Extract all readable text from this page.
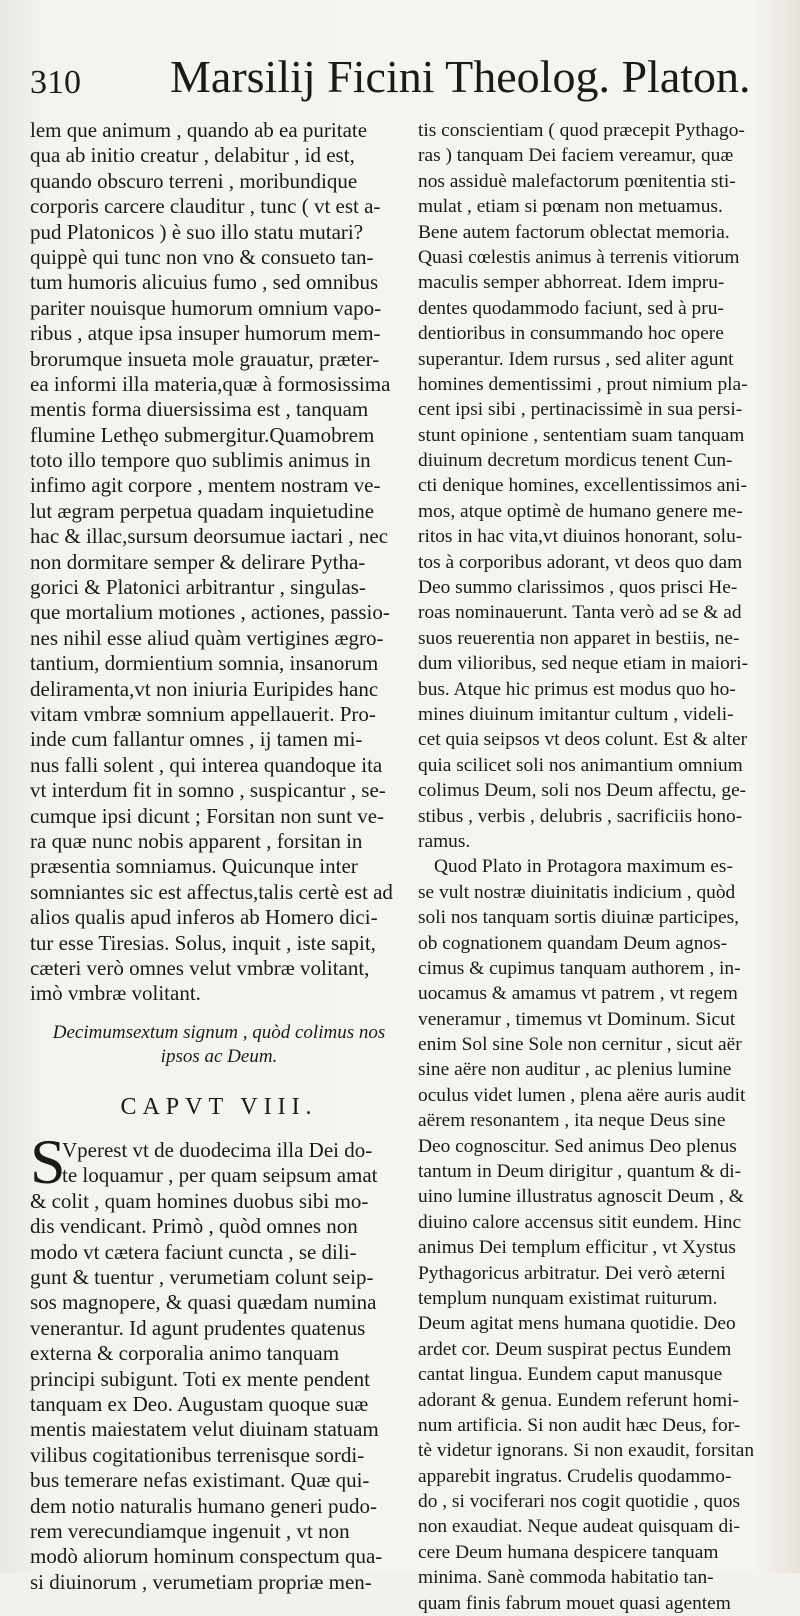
310 Marsilij Ficini Theolog. Platon.
lem que animum , quando ab ea puritate
qua ab initio creatur , delabitur , id est,
quando obscuro terreni , moribundique
corporis carcere clauditur , tunc ( vt est a-
pud Platonicos ) è suo illo statu mutari?
quippè qui tunc non vno & consueto tan-
tum humoris alicuius fumo , sed omnibus
pariter nouisque humorum omnium vapo-
ribus , atque ipsa insuper humorum mem-
brorumque insueta mole grauatur, præter-
ea informi illa materia,quæ à formosissima
mentis forma diuersissima est , tanquam
flumine Lethęo submergitur.Quamobrem
toto illo tempore quo sublimis animus in
infimo agit corpore , mentem nostram ve-
lut ægram perpetua quadam inquietudine
hac & illac,sursum deorsumue iactari , nec
non dormitare semper & delirare Pytha-
gorici & Platonici arbitrantur , singulas-
que mortalium motiones , actiones, passio-
nes nihil esse aliud quàm vertigines ægro-
tantium, dormientium somnia, insanorum
deliramenta,vt non iniuria Euripides hanc
vitam vmbræ somnium appellauerit. Pro-
inde cum fallantur omnes , ij tamen mi-
nus falli solent , qui interea quandoque ita
vt interdum fit in somno , suspicantur , se-
cumque ipsi dicunt ; Forsitan non sunt ve-
ra quæ nunc nobis apparent , forsitan in
præsentia somniamus. Quicunque inter
somniantes sic est affectus,talis certè est ad
alios qualis apud inferos ab Homero dici-
tur esse Tiresias. Solus, inquit , iste sapit,
cæteri verò omnes velut vmbræ volitant,
imò vmbræ volitant.
Decimumsextum signum , quòd colimus nos
ipsos ac Deum.
CAPVT VIII.
S
Vperest vt de duodecima illa Dei do-
te loquamur , per quam seipsum amat
& colit , quam homines duobus sibi mo-
dis vendicant. Primò , quòd omnes non
modo vt cætera faciunt cuncta , se dili-
gunt & tuentur , verumetiam colunt seip-
sos magnopere, & quasi quædam numina
venerantur. Id agunt prudentes quatenus
externa & corporalia animo tanquam
principi subigunt. Toti ex mente pendent
tanquam ex Deo. Augustam quoque suæ
mentis maiestatem velut diuinam statuam
vilibus cogitationibus terrenisque sordi-
bus temerare nefas existimant. Quæ qui-
dem notio naturalis humano generi pudo-
rem verecundiamque ingenuit , vt non
modò aliorum hominum conspectum qua-
si diuinorum , verumetiam propriæ men-
tis conscientiam ( quod præcepit Pythago-
ras ) tanquam Dei faciem vereamur, quæ
nos assiduè malefactorum pœnitentia sti-
mulat , etiam si pœnam non metuamus.
Bene autem factorum oblectat memoria.
Quasi cœlestis animus à terrenis vitiorum
maculis semper abhorreat. Idem impru-
dentes quodammodo faciunt, sed à pru-
dentioribus in consummando hoc opere
superantur. Idem rursus , sed aliter agunt
homines dementissimi , prout nimium pla-
cent ipsi sibi , pertinacissimè in sua persi-
stunt opinione , sententiam suam tanquam
diuinum decretum mordicus tenent Cun-
cti denique homines, excellentissimos ani-
mos, atque optimè de humano genere me-
ritos in hac vita,vt diuinos honorant, solu-
tos à corporibus adorant, vt deos quo dam
Deo summo clarissimos , quos prisci He-
roas nominauerunt. Tanta verò ad se & ad
suos reuerentia non apparet in bestiis, ne-
dum vilioribus, sed neque etiam in maiori-
bus. Atque hic primus est modus quo ho-
mines diuinum imitantur cultum , videli-
cet quia seipsos vt deos colunt. Est & alter
quia scilicet soli nos animantium omnium
colimus Deum, soli nos Deum affectu, ge-
stibus , verbis , delubris , sacrificiis hono-
ramus.
Quod Plato in Protagora maximum es-
se vult nostræ diuinitatis indicium , quòd
soli nos tanquam sortis diuinæ participes,
ob cognationem quandam Deum agnos-
cimus & cupimus tanquam authorem , in-
uocamus & amamus vt patrem , vt regem
veneramur , timemus vt Dominum. Sicut
enim Sol sine Sole non cernitur , sicut aër
sine aëre non auditur , ac plenius lumine
oculus videt lumen , plena aëre auris audit
aërem resonantem , ita neque Deus sine
Deo cognoscitur. Sed animus Deo plenus
tantum in Deum dirigitur , quantum & di-
uino lumine illustratus agnoscit Deum , &
diuino calore accensus sitit eundem. Hinc
animus Dei templum efficitur , vt Xystus
Pythagoricus arbitratur. Dei verò æterni
templum nunquam existimat ruiturum.
Deum agitat mens humana quotidie. Deo
ardet cor. Deum suspirat pectus Eundem
cantat lingua. Eundem caput manusque
adorant & genua. Eundem referunt homi-
num artificia. Si non audit hæc Deus, for-
tè videtur ignorans. Si non exaudit, forsitan
apparebit ingratus. Crudelis quodammo-
do , si vociferari nos cogit quotidie , quos
non exaudiat. Neque audeat quisquam di-
cere Deum humana despicere tanquam
minima. Sanè commoda habitatio tan-
quam finis fabrum mouet quasi agentem
